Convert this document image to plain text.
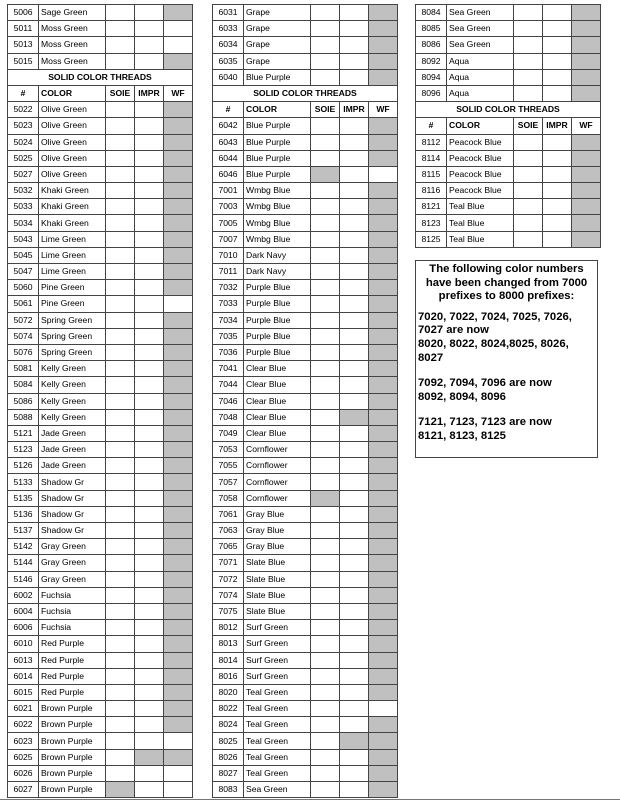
5006	Sage Green			
5011	Moss Green			
5013	Moss Green			
5015	Moss Green			
SOLID COLOR THREADS				
#	COLOR	SOIE	IMPR	WF
5022	Olive Green			
5023	Olive Green			
5024	Olive Green			
5025	Olive Green			
5027	Olive Green			
5032	Khaki Green			
5033	Khaki Green			
5034	Khaki Green			
5043	Lime Green			
5045	Lime Green			
5047	Lime Green			
5060	Pine Green			
5061	Pine Green			
5072	Spring Green			
5074	Spring Green			
5076	Spring Green			
5081	Kelly Green			
5084	Kelly Green			
5086	Kelly Green			
5088	Kelly Green			
5121	Jade Green			
5123	Jade Green			
5126	Jade Green			
5133	Shadow Gr			
5135	Shadow Gr			
5136	Shadow Gr			
5137	Shadow Gr			
5142	Gray Green			
5144	Gray Green			
5146	Gray Green			
6002	Fuchsia			
6004	Fuchsia			
6006	Fuchsia			
6010	Red Purple			
6013	Red Purple			
6014	Red Purple			
6015	Red Purple			
6021	Brown Purple			
6022	Brown Purple			
6023	Brown Purple			
6025	Brown Purple			
6026	Brown Purple			
6027	Brown Purple			
6031	Grape			
6033	Grape			
6034	Grape			
6035	Grape			
6040	Blue Purple			
SOLID COLOR THREADS				
#	COLOR	SOIE	IMPR	WF
6042	Blue Purple			
6043	Blue Purple			
6044	Blue Purple			
6046	Blue Purple			
7001	Wmbg Blue			
7003	Wmbg Blue			
7005	Wmbg Blue			
7007	Wmbg Blue			
7010	Dark Navy			
7011	Dark Navy			
7032	Purple Blue			
7033	Purple Blue			
7034	Purple Blue			
7035	Purple Blue			
7036	Purple Blue			
7041	Clear Blue			
7044	Clear Blue			
7046	Clear Blue			
7048	Clear Blue			
7049	Clear Blue			
7053	Cornflower			
7055	Cornflower			
7057	Cornflower			
7058	Cornflower			
7061	Gray Blue			
7063	Gray Blue			
7065	Gray Blue			
7071	Slate Blue			
7072	Slate Blue			
7074	Slate Blue			
7075	Slate Blue			
8012	Surf Green			
8013	Surf Green			
8014	Surf Green			
8016	Surf Green			
8020	Teal Green			
8022	Teal Green			
8024	Teal Green			
8025	Teal Green			
8026	Teal Green			
8027	Teal Green			
8083	Sea Green			
8084	Sea Green			
8085	Sea Green			
8086	Sea Green			
8092	Aqua			
8094	Aqua			
8096	Aqua			
SOLID COLOR THREADS				
#	COLOR	SOIE	IMPR	WF
8112	Peacock Blue			
8114	Peacock Blue			
8115	Peacock Blue			
8116	Peacock Blue			
8121	Teal Blue			
8123	Teal Blue			
8125	Teal Blue			
The following color numbers have been changed from 7000 prefixes to 8000 prefixes:

7020, 7022, 7024, 7025, 7026, 7027 are now

8020, 8022, 8024,8025, 8026, 8027

7092, 7094, 7096 are now

8092, 8094, 8096

7121, 7123, 7123 are now

8121, 8123, 8125
